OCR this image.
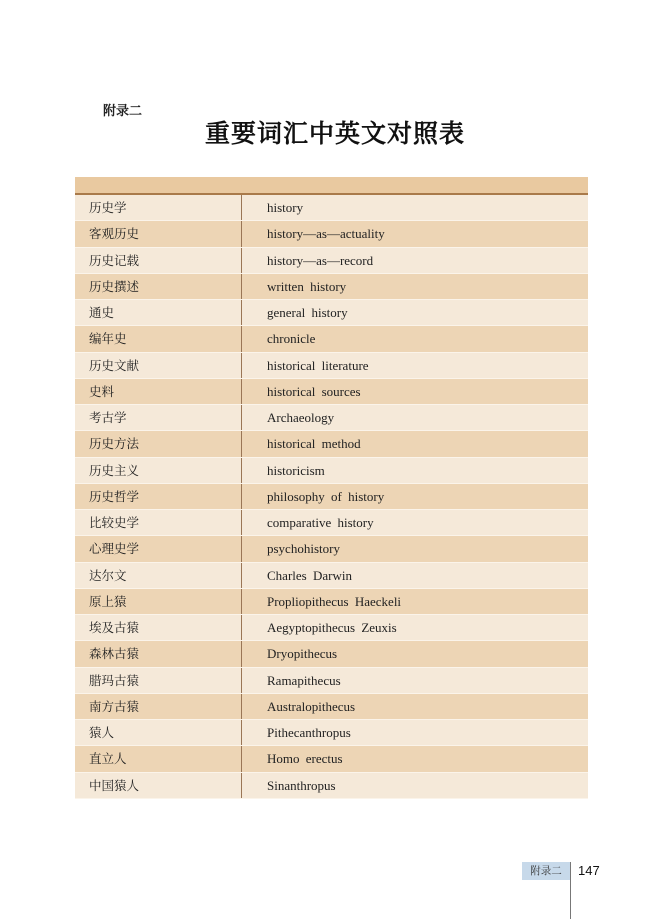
附录二
重要词汇中英文对照表
历史学	history
客观历史	history—as—actuality
历史记载	history—as—record
历史撰述	written history
通史	general history
编年史	chronicle
历史文献	historical literature
史料	historical sources
考古学	Archaeology
历史方法	historical method
历史主义	historicism
历史哲学	philosophy of history
比较史学	comparative history
心理史学	psychohistory
达尔文	Charles Darwin
原上猿	Propliopithecus Haeckeli
埃及古猿	Aegyptopithecus Zeuxis
森林古猿	Dryopithecus
腊玛古猿	Ramapithecus
南方古猿	Australopithecus
猿人	Pithecanthropus
直立人	Homo erectus
中国猿人	Sinanthropus
附录二	147
